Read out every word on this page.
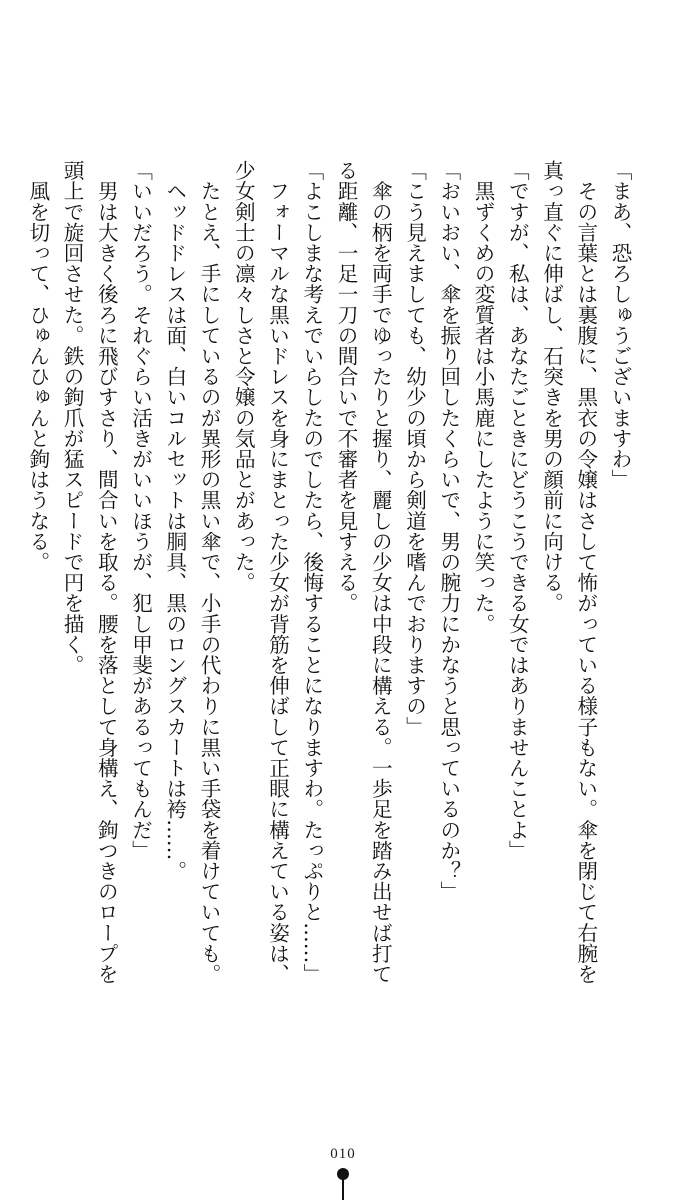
「まあ、恐ろしゅうございますわ」
　その言葉とは裏腹に、黒衣の令嬢はさして怖がっている様子もない。傘を閉じて右腕を
真っ直ぐに伸ばし、石突きを男の顔前に向ける。
「ですが、私は、あなたごときにどうこうできる女ではありませんことよ」
　黒ずくめの変質者は小馬鹿にしたように笑った。
「おいおい、傘を振り回したくらいで、男の腕力にかなうと思っているのか？」
「こう見えましても、幼少の頃から剣道を嗜んでおりますの」
　傘の柄を両手でゆったりと握り、麗しの少女は中段に構える。一歩足を踏み出せば打て
る距離、一足一刀の間合いで不審者を見すえる。
「よこしまな考えでいらしたのでしたら、後悔することになりますわ。たっぷりと……」
　フォーマルな黒いドレスを身にまとった少女が背筋を伸ばして正眼に構えている姿は、
少女剣士の凛々しさと令嬢の気品とがあった。
　たとえ、手にしているのが異形の黒い傘で、小手の代わりに黒い手袋を着けていても。
　ヘッドドレスは面、白いコルセットは胴具、黒のロングスカートは袴……。
「いいだろう。それぐらい活きがいいほうが、犯し甲斐があるってもんだ」
　男は大きく後ろに飛びすさり、間合いを取る。腰を落として身構え、鉤つきのロープを
頭上で旋回させた。鉄の鉤爪が猛スピードで円を描く。
　風を切って、ひゅんひゅんと鉤はうなる。
010
